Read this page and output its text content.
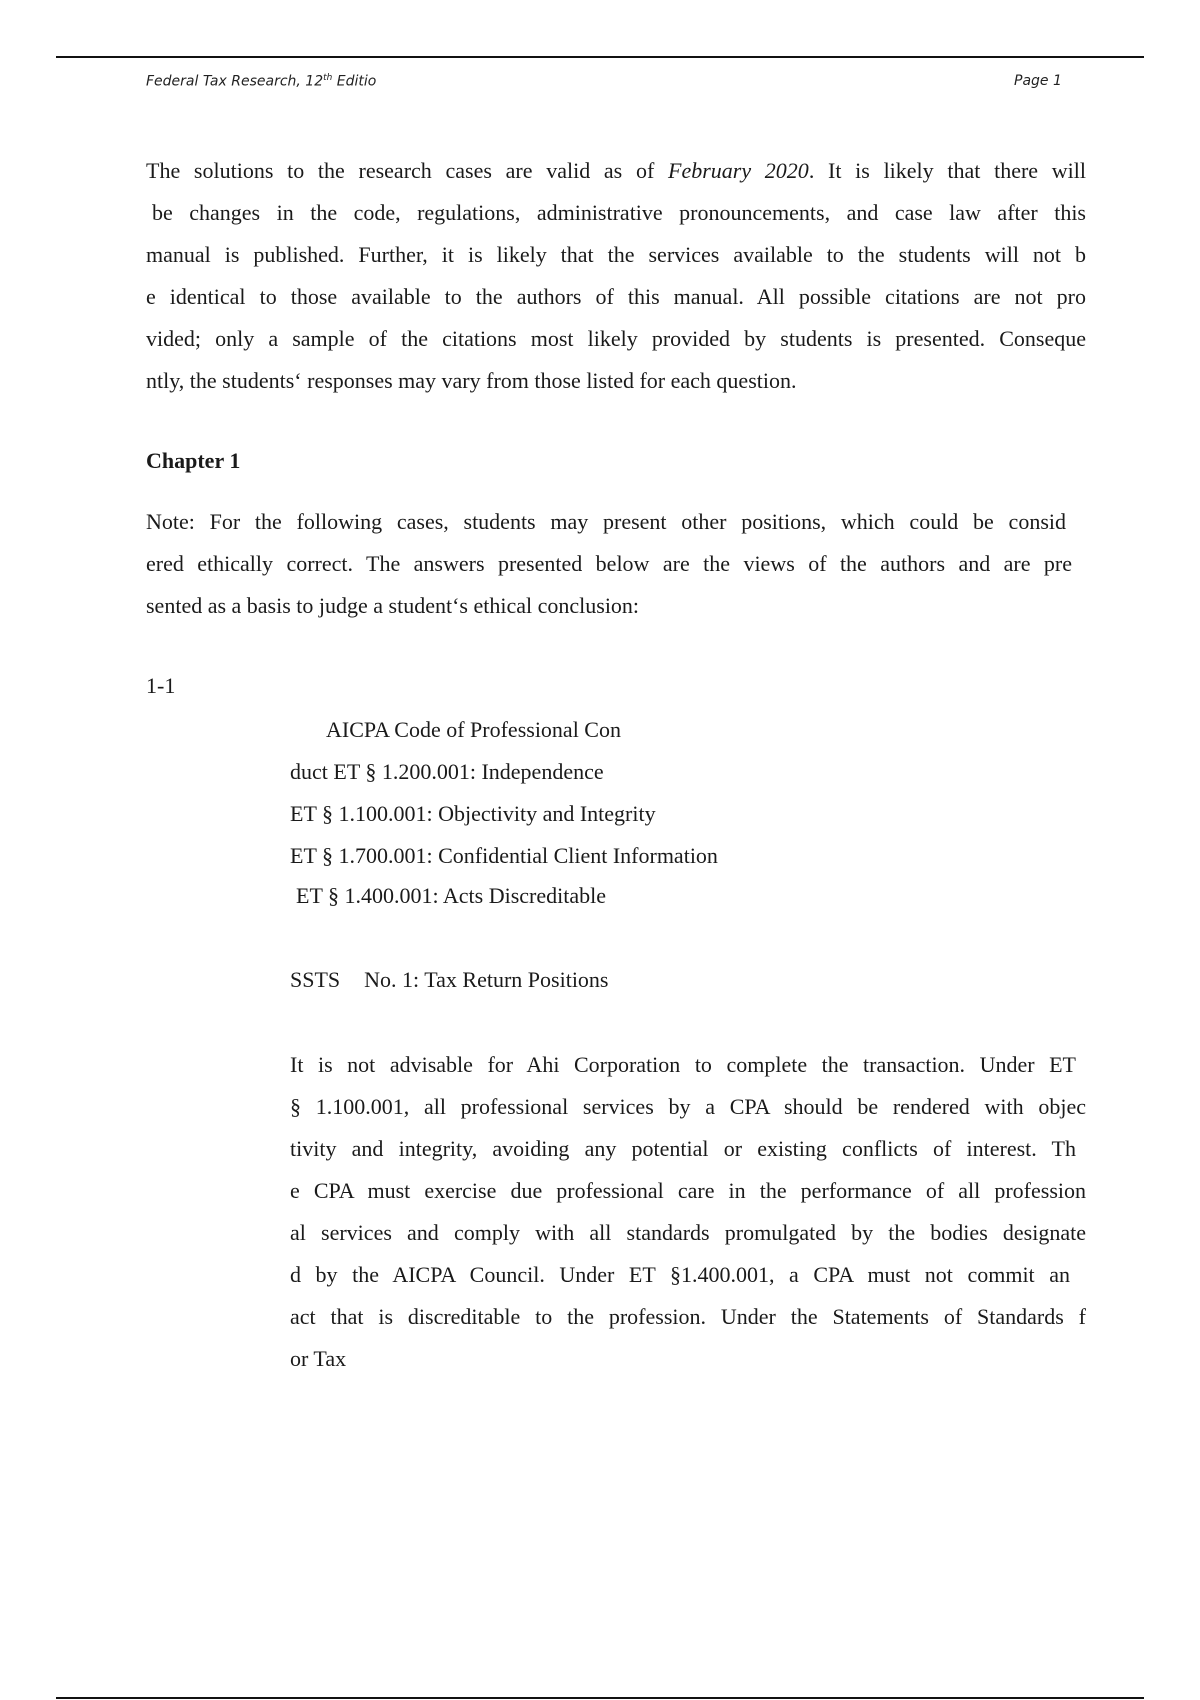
Federal Tax Research, 12th Editio	Page 1
The solutions to the research cases are valid as of February 2020. It is likely that there will
be changes in the code, regulations, administrative pronouncements, and case law after this
manual is published. Further, it is likely that the services available to the students will not b
e identical to those available to the authors of this manual. All possible citations are not pro
vided; only a sample of the citations most likely provided by students is presented. Conseque
ntly, the students‘ responses may vary from those listed for each question.
Chapter 1
Note: For the following cases, students may present other positions, which could be consid
ered ethically correct. The answers presented below are the views of the authors and are pre
sented as a basis to judge a student‘s ethical conclusion:
1-1
AICPA Code of Professional Con
duct ET § 1.200.001: Independence
ET § 1.100.001: Objectivity and Integrity
ET § 1.700.001: Confidential Client Information
ET § 1.400.001: Acts Discreditable
SSTS No. 1: Tax Return Positions
It is not advisable for Ahi Corporation to complete the transaction. Under ET
§ 1.100.001, all professional services by a CPA should be rendered with objec
tivity and integrity, avoiding any potential or existing conflicts of interest. Th
e CPA must exercise due professional care in the performance of all profession
al services and comply with all standards promulgated by the bodies designate
d by the AICPA Council. Under ET §1.400.001, a CPA must not commit an
act that is discreditable to the profession. Under the Statements of Standards f
or Tax
